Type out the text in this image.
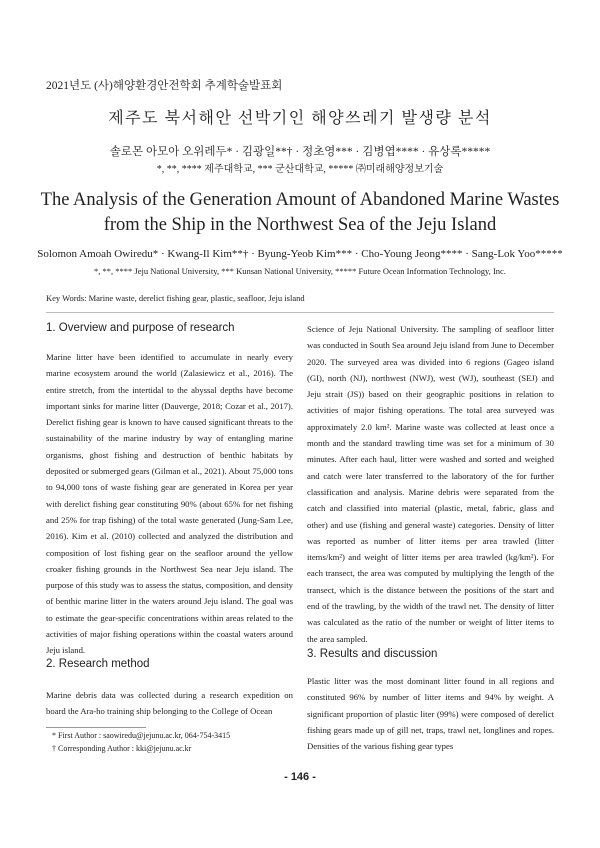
2021년도 (사)해양환경안전학회 추계학술발표회
제주도 북서해안 선박기인 해양쓰레기 발생량 분석
솔로몬 아모아 오위레두* · 김광일**† · 정초영*** · 김병엽**** · 유상록*****
*, **, **** 제주대학교, *** 군산대학교, ***** ㈜미래해양정보기술
The Analysis of the Generation Amount of Abandoned Marine Wastes from the Ship in the Northwest Sea of the Jeju Island
Solomon Amoah Owiredu* · Kwang-Il Kim**† · Byung-Yeob Kim*** · Cho-Young Jeong**** · Sang-Lok Yoo*****
*, **, **** Jeju National University, *** Kunsan National University, ***** Future Ocean Information Technology, Inc.
Key Words: Marine waste, derelict fishing gear, plastic, seafloor, Jeju island
1. Overview and purpose of research
Marine litter have been identified to accumulate in nearly every marine ecosystem around the world (Zalasiewicz et al., 2016). The entire stretch, from the intertidal to the abyssal depths have become important sinks for marine litter (Dauverge, 2018; Cozar et al., 2017). Derelict fishing gear is known to have caused significant threats to the sustainability of the marine industry by way of entangling marine organisms, ghost fishing and destruction of benthic habitats by deposited or submerged gears (Gilman et al., 2021). About 75,000 tons to 94,000 tons of waste fishing gear are generated in Korea per year with derelict fishing gear constituting 90% (about 65% for net fishing and 25% for trap fishing) of the total waste generated (Jung-Sam Lee, 2016). Kim et al. (2010) collected and analyzed the distribution and composition of lost fishing gear on the seafloor around the yellow croaker fishing grounds in the Northwest Sea near Jeju island. The purpose of this study was to assess the status, composition, and density of benthic marine litter in the waters around Jeju island. The goal was to estimate the gear-specific concentrations within areas related to the activities of major fishing operations within the coastal waters around Jeju island.
2. Research method
Marine debris data was collected during a research expedition on board the Ara-ho training ship belonging to the College of Ocean
Science of Jeju National University. The sampling of seafloor litter was conducted in South Sea around Jeju island from June to December 2020. The surveyed area was divided into 6 regions (Gageo island (GI), north (NJ), northwest (NWJ), west (WJ), southeast (SEJ) and Jeju strait (JS)) based on their geographic positions in relation to activities of major fishing operations. The total area surveyed was approximately 2.0 km². Marine waste was collected at least once a month and the standard trawling time was set for a minimum of 30 minutes. After each haul, litter were washed and sorted and weighed and catch were later transferred to the laboratory of the for further classification and analysis. Marine debris were separated from the catch and classified into material (plastic, metal, fabric, glass and other) and use (fishing and general waste) categories. Density of litter was reported as number of litter items per area trawled (litter items/km²) and weight of litter items per area trawled (kg/km²). For each transect, the area was computed by multiplying the length of the transect, which is the distance between the positions of the start and end of the trawling, by the width of the trawl net. The density of litter was calculated as the ratio of the number or weight of litter items to the area sampled.
3. Results and discussion
Plastic litter was the most dominant litter found in all regions and constituted 96% by number of litter items and 94% by weight. A significant proportion of plastic liter (99%) were composed of derelict fishing gears made up of gill net, traps, trawl net, longlines and ropes. Densities of the various fishing gear types
* First Author : saowiredu@jejunu.ac.kr, 064-754-3415
† Corresponding Author : kki@jejunu.ac.kr
- 146 -
